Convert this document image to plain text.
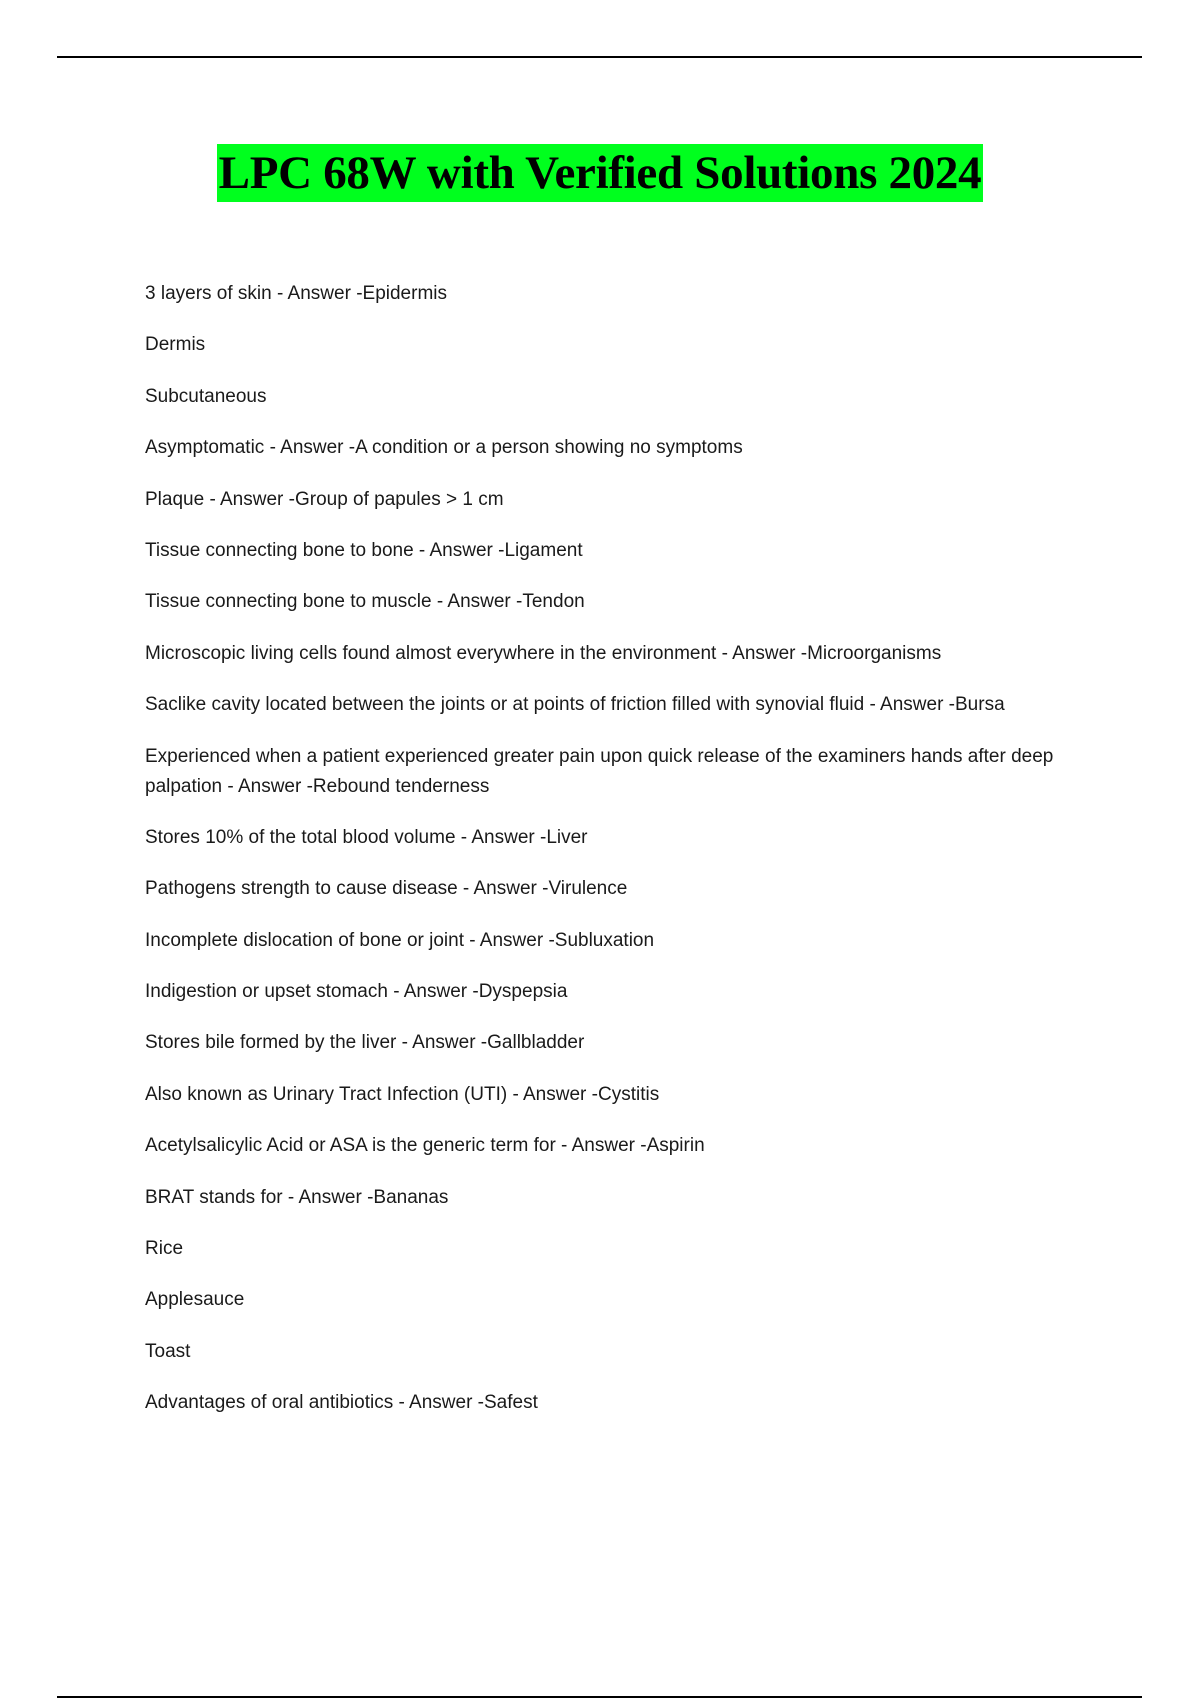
LPC 68W with Verified Solutions 2024
3 layers of skin - Answer -Epidermis
Dermis
Subcutaneous
Asymptomatic - Answer -A condition or a person showing no symptoms
Plaque - Answer -Group of papules > 1 cm
Tissue connecting bone to bone - Answer -Ligament
Tissue connecting bone to muscle - Answer -Tendon
Microscopic living cells found almost everywhere in the environment - Answer -Microorganisms
Saclike cavity located between the joints or at points of friction filled with synovial fluid - Answer -Bursa
Experienced when a patient experienced greater pain upon quick release of the examiners hands after deep palpation - Answer -Rebound tenderness
Stores 10% of the total blood volume - Answer -Liver
Pathogens strength to cause disease - Answer -Virulence
Incomplete dislocation of bone or joint - Answer -Subluxation
Indigestion or upset stomach - Answer -Dyspepsia
Stores bile formed by the liver - Answer -Gallbladder
Also known as Urinary Tract Infection (UTI) - Answer -Cystitis
Acetylsalicylic Acid or ASA is the generic term for - Answer -Aspirin
BRAT stands for - Answer -Bananas
Rice
Applesauce
Toast
Advantages of oral antibiotics - Answer -Safest
